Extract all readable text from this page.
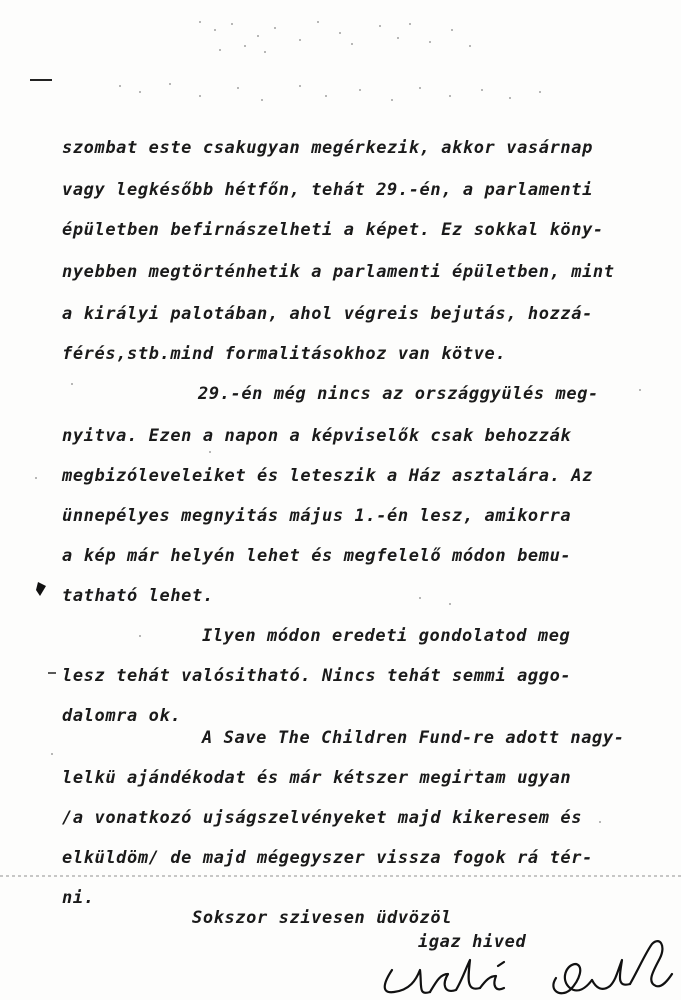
szombat este csakugyan megérkezik, akkor vasárnap
vagy legkésőbb hétfőn, tehát 29.-én, a parlamenti
épületben befirnászelheti a képet. Ez sokkal köny-
nyebben megtörténhetik a parlamenti épületben, mint
a királyi palotában, ahol végreis bejutás, hozzá-
férés,stb.mind formalitásokhoz van kötve.
29.-én még nincs az országgyülés meg-
nyitva. Ezen a napon a képviselők csak behozzák
megbizóleveleiket és leteszik a Ház asztalára. Az
ünnepélyes megnyitás május 1.-én lesz, amikorra
a kép már helyén lehet és megfelelő módon bemu-
tatható lehet.
Ilyen módon eredeti gondolatod meg
lesz tehát valósitható. Nincs tehát semmi aggo-
dalomra ok.
A Save The Children Fund-re adott nagy-
lelkü ajándékodat és már kétszer megirtam ugyan
/a vonatkozó ujságszelvényeket majd kikeresem és
elküldöm/ de majd mégegyszer vissza fogok rá tér-
ni.
Sokszor szivesen üdvözöl
igaz hived
